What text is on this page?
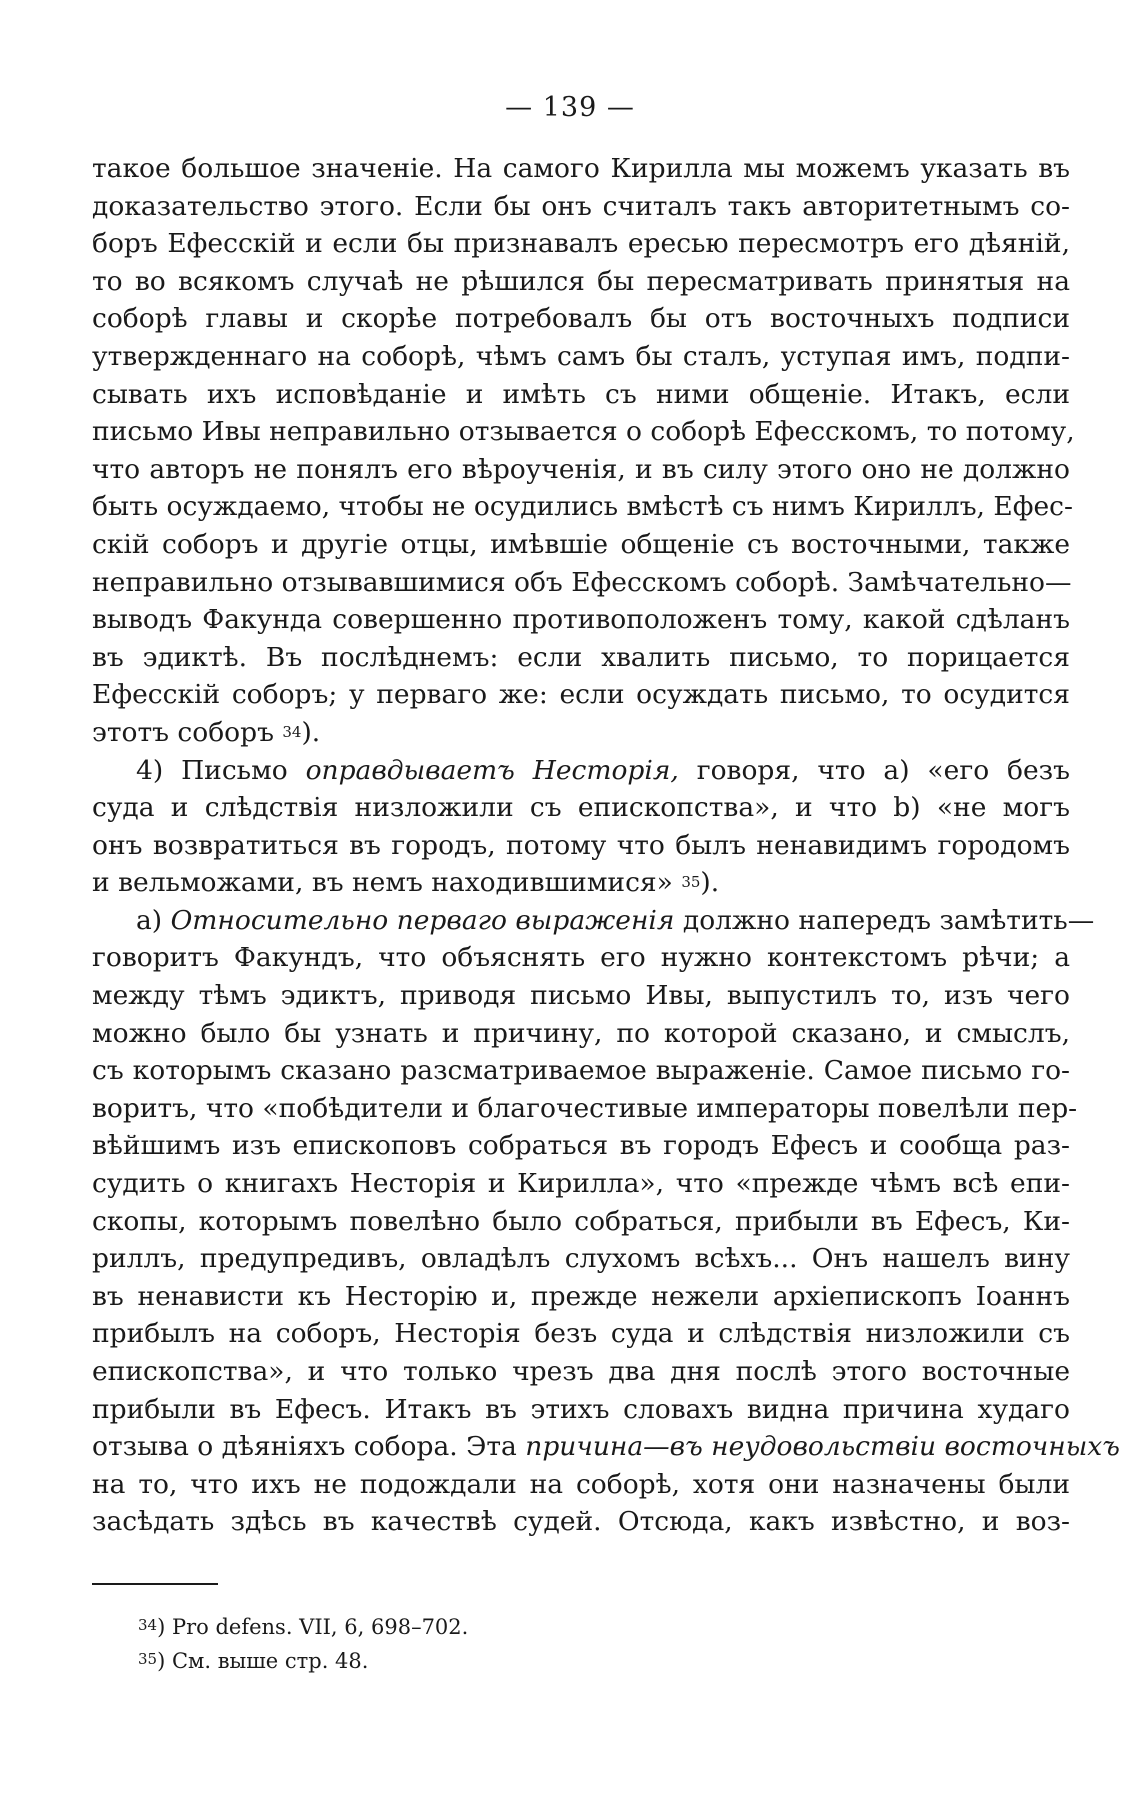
— 139 —
такое большое значеніе. На самого Кирилла мы можемъ указать въ
доказательство этого. Если бы онъ считалъ такъ авторитетнымъ со-
боръ Ефесскій и если бы признавалъ ересью пересмотръ его дѣяній,
то во всякомъ случаѣ не рѣшился бы пересматривать принятыя на
соборѣ главы и скорѣе потребовалъ бы отъ восточныхъ подписи
утвержденнаго на соборѣ, чѣмъ самъ бы сталъ, уступая имъ, подпи-
сывать ихъ исповѣданіе и имѣть съ ними общеніе. Итакъ, если
письмо Ивы неправильно отзывается о соборѣ Ефесскомъ, то потому,
что авторъ не понялъ его вѣроученія, и въ силу этого оно не должно
быть осуждаемо, чтобы не осудились вмѣстѣ съ нимъ Кириллъ, Ефес-
скій соборъ и другіе отцы, имѣвшіе общеніе съ восточными, также
неправильно отзывавшимися объ Ефесскомъ соборѣ. Замѣчательно—
выводъ Факунда совершенно противоположенъ тому, какой сдѣланъ
въ эдиктѣ. Въ послѣднемъ: если хвалить письмо, то порицается
Ефесскій соборъ; у перваго же: если осуждать письмо, то осудится
этотъ соборъ $^{34}$).
4) Письмо оправдываетъ Несторія, говоря, что a) «его безъ
суда и слѣдствія низложили съ епископства», и что b) «не могъ
онъ возвратиться въ городъ, потому что былъ ненавидимъ городомъ
и вельможами, въ немъ находившимися» $^{35}$).
a) Относительно перваго выраженія должно напередъ замѣтить—
говоритъ Факундъ, что объяснять его нужно контекстомъ рѣчи; а
между тѣмъ эдиктъ, приводя письмо Ивы, выпустилъ то, изъ чего
можно было бы узнать и причину, по которой сказано, и смыслъ,
съ которымъ сказано разсматриваемое выраженіе. Самое письмо го-
воритъ, что «побѣдители и благочестивые императоры повелѣли пер-
вѣйшимъ изъ епископовъ собраться въ городъ Ефесъ и сообща раз-
судить о книгахъ Несторія и Кирилла», что «прежде чѣмъ всѣ епи-
скопы, которымъ повелѣно было собраться, прибыли въ Ефесъ, Ки-
риллъ, предупредивъ, овладѣлъ слухомъ всѣхъ... Онъ нашелъ вину
въ ненависти къ Несторію и, прежде нежели архіепископъ Іоаннъ
прибылъ на соборъ, Несторія безъ суда и слѣдствія низложили съ
епископства», и что только чрезъ два дня послѣ этого восточные
прибыли въ Ефесъ. Итакъ въ этихъ словахъ видна причина худаго
отзыва о дѣяніяхъ собора. Эта причина—въ неудовольствіи восточныхъ
на то, что ихъ не подождали на соборѣ, хотя они назначены были
засѣдать здѣсь въ качествѣ судей. Отсюда, какъ извѣстно, и воз-
$^{34}$) Pro defens. VII, 6, 698–702.
$^{35}$) См. выше стр. 48.
